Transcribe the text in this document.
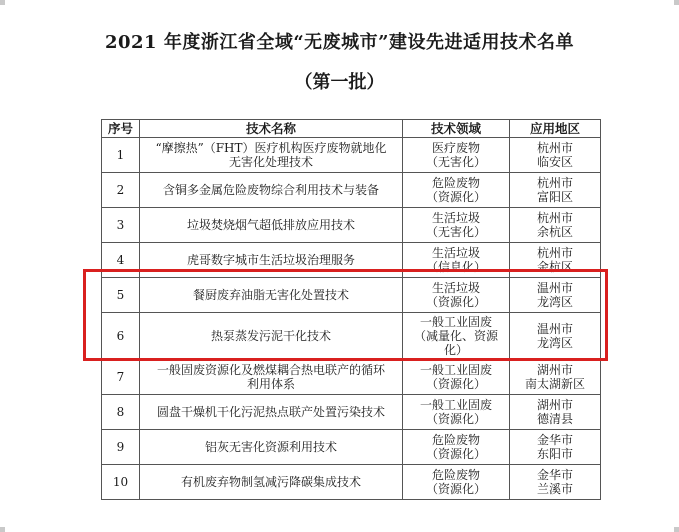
2021 年度浙江省全域“无废城市”建设先进适用技术名单
（第一批）
序号	技术名称	技术领域	应用地区

1	“摩擦热”（FHT）医疗机构医疗废物就地化
无害化处理技术	医疗废物
（无害化）	杭州市
临安区

2	含铜多金属危险废物综合利用技术与装备	危险废物
（资源化）	杭州市
富阳区

3	垃圾焚烧烟气超低排放应用技术	生活垃圾
（无害化）	杭州市
余杭区

4	虎哥数字城市生活垃圾治理服务	生活垃圾
（信息化）	杭州市
余杭区

5	餐厨废弃油脂无害化处置技术	生活垃圾
（资源化）	温州市
龙湾区

6	热泵蒸发污泥干化技术	一般工业固废
（减量化、资源
化）	温州市
龙湾区

7	一般固废资源化及燃煤耦合热电联产的循环
利用体系	一般工业固废
（资源化）	湖州市
南太湖新区

8	圆盘干燥机干化污泥热点联产处置污染技术	一般工业固废
（资源化）	湖州市
德清县

9	铝灰无害化资源利用技术	危险废物
（资源化）	金华市
东阳市

10	有机废弃物制氢减污降碳集成技术	危险废物
（资源化）	金华市
兰溪市
